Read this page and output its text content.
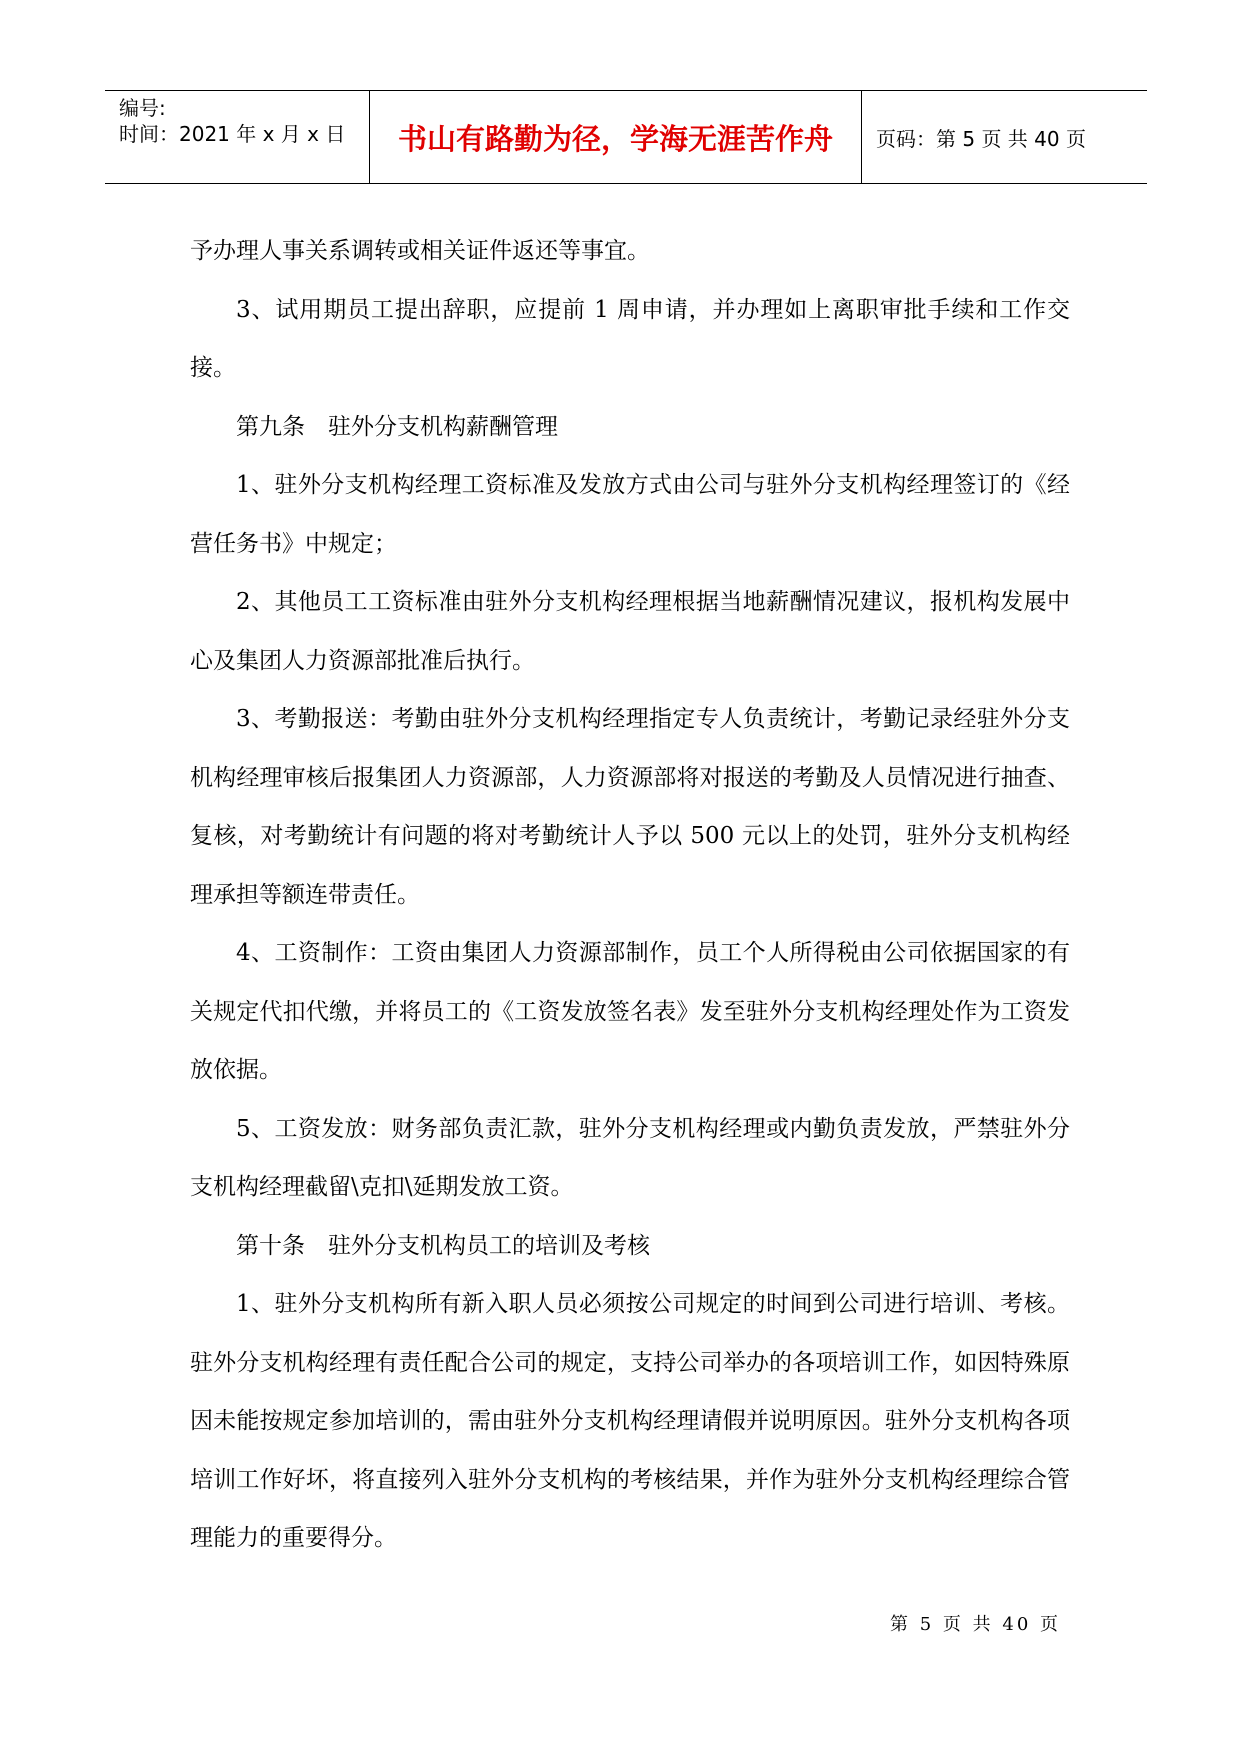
编号:
时间：2021 年 x 月 x 日	书山有路勤为径，学海无涯苦作舟	页码：第 5 页 共 40 页

予办理人事关系调转或相关证件返还等事宜。

3、试用期员工提出辞职，应提前 1 周申请，并办理如上离职审批手续和工作交接。

第九条　驻外分支机构薪酬管理

1、驻外分支机构经理工资标准及发放方式由公司与驻外分支机构经理签订的《经营任务书》中规定；

2、其他员工工资标准由驻外分支机构经理根据当地薪酬情况建议，报机构发展中心及集团人力资源部批准后执行。

3、考勤报送：考勤由驻外分支机构经理指定专人负责统计，考勤记录经驻外分支机构经理审核后报集团人力资源部，人力资源部将对报送的考勤及人员情况进行抽查、复核，对考勤统计有问题的将对考勤统计人予以 500 元以上的处罚，驻外分支机构经理承担等额连带责任。

4、工资制作：工资由集团人力资源部制作，员工个人所得税由公司依据国家的有关规定代扣代缴，并将员工的《工资发放签名表》发至驻外分支机构经理处作为工资发放依据。

5、工资发放：财务部负责汇款，驻外分支机构经理或内勤负责发放，严禁驻外分支机构经理截留\克扣\延期发放工资。

第十条　驻外分支机构员工的培训及考核

1、驻外分支机构所有新入职人员必须按公司规定的时间到公司进行培训、考核。驻外分支机构经理有责任配合公司的规定，支持公司举办的各项培训工作，如因特殊原因未能按规定参加培训的，需由驻外分支机构经理请假并说明原因。驻外分支机构各项培训工作好坏，将直接列入驻外分支机构的考核结果，并作为驻外分支机构经理综合管理能力的重要得分。

第 5 页 共 40 页
